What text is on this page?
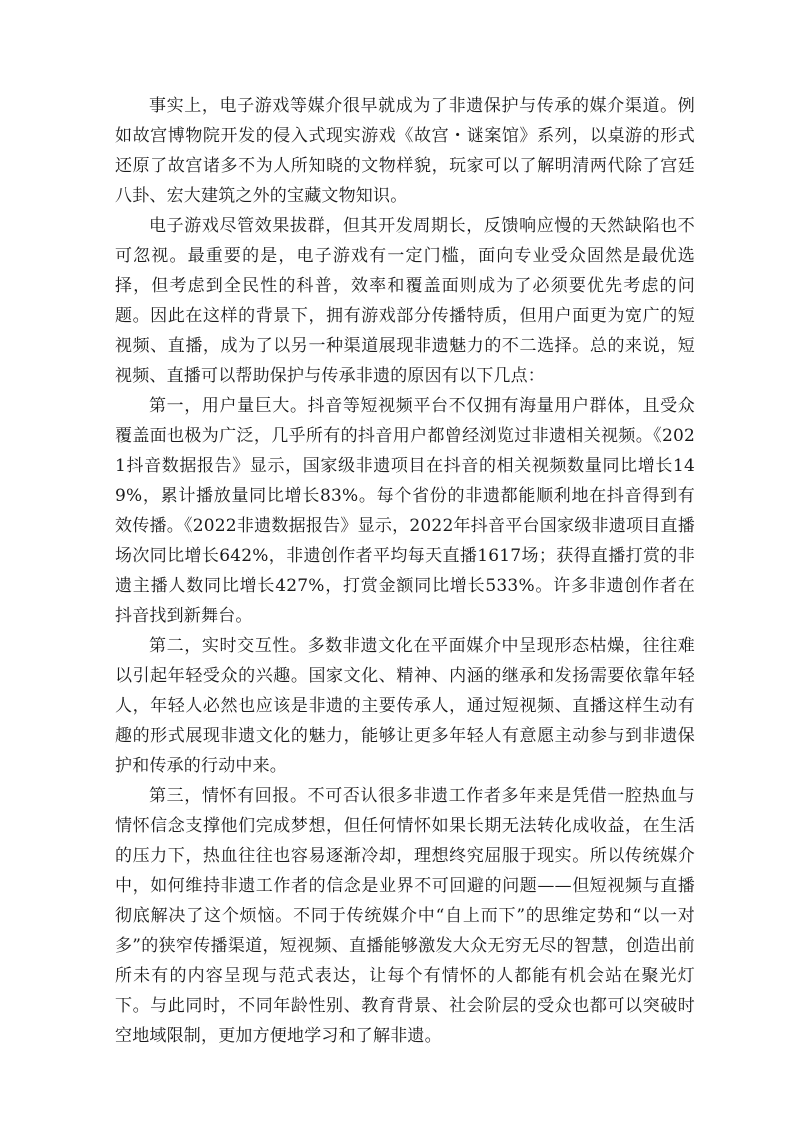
事实上，电子游戏等媒介很早就成为了非遗保护与传承的媒介渠道。例如故宫博物院开发的侵入式现实游戏《故宫・谜案馆》系列，以桌游的形式还原了故宫诸多不为人所知晓的文物样貌，玩家可以了解明清两代除了宫廷八卦、宏大建筑之外的宝藏文物知识。

电子游戏尽管效果拔群，但其开发周期长，反馈响应慢的天然缺陷也不可忽视。最重要的是，电子游戏有一定门槛，面向专业受众固然是最优选择，但考虑到全民性的科普，效率和覆盖面则成为了必须要优先考虑的问题。因此在这样的背景下，拥有游戏部分传播特质，但用户面更为宽广的短视频、直播，成为了以另一种渠道展现非遗魅力的不二选择。总的来说，短视频、直播可以帮助保护与传承非遗的原因有以下几点：

第一，用户量巨大。抖音等短视频平台不仅拥有海量用户群体，且受众覆盖面也极为广泛，几乎所有的抖音用户都曾经浏览过非遗相关视频。《2021抖音数据报告》显示，国家级非遗项目在抖音的相关视频数量同比增长149%，累计播放量同比增长83%。每个省份的非遗都能顺利地在抖音得到有效传播。《2022非遗数据报告》显示，2022年抖音平台国家级非遗项目直播场次同比增长642%，非遗创作者平均每天直播1617场；获得直播打赏的非遗主播人数同比增长427%，打赏金额同比增长533%。许多非遗创作者在抖音找到新舞台。

第二，实时交互性。多数非遗文化在平面媒介中呈现形态枯燥，往往难以引起年轻受众的兴趣。国家文化、精神、内涵的继承和发扬需要依靠年轻人，年轻人必然也应该是非遗的主要传承人，通过短视频、直播这样生动有趣的形式展现非遗文化的魅力，能够让更多年轻人有意愿主动参与到非遗保护和传承的行动中来。

第三，情怀有回报。不可否认很多非遗工作者多年来是凭借一腔热血与情怀信念支撑他们完成梦想，但任何情怀如果长期无法转化成收益，在生活的压力下，热血往往也容易逐渐冷却，理想终究屈服于现实。所以传统媒介中，如何维持非遗工作者的信念是业界不可回避的问题——但短视频与直播彻底解决了这个烦恼。不同于传统媒介中“自上而下”的思维定势和“以一对多”的狭窄传播渠道，短视频、直播能够激发大众无穷无尽的智慧，创造出前所未有的内容呈现与范式表达，让每个有情怀的人都能有机会站在聚光灯下。与此同时，不同年龄性别、教育背景、社会阶层的受众也都可以突破时空地域限制，更加方便地学习和了解非遗。
